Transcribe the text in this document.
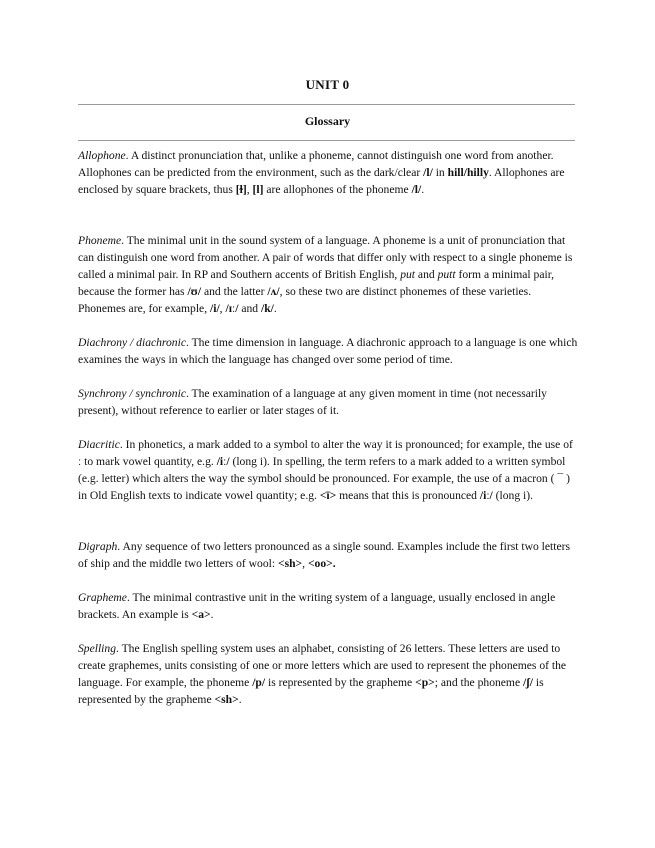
UNIT 0
Glossary

Allophone. A distinct pronunciation that, unlike a phoneme, cannot distinguish one word from another. Allophones can be predicted from the environment, such as the dark/clear /l/ in hill/hilly. Allophones are enclosed by square brackets, thus [ɫ], [l] are allophones of the phoneme /l/.

Phoneme. The minimal unit in the sound system of a language. A phoneme is a unit of pronunciation that can distinguish one word from another. A pair of words that differ only with respect to a single phoneme is called a minimal pair. In RP and Southern accents of British English, put and putt form a minimal pair, because the former has /ʊ/ and the latter /ʌ/, so these two are distinct phonemes of these varieties. Phonemes are, for example, /i/, /ɪː/ and /k/.

Diachrony / diachronic. The time dimension in language. A diachronic approach to a language is one which examines the ways in which the language has changed over some period of time.

Synchrony / synchronic. The examination of a language at any given moment in time (not necessarily present), without reference to earlier or later stages of it.

Diacritic. In phonetics, a mark added to a symbol to alter the way it is pronounced; for example, the use of ː to mark vowel quantity, e.g. /iː/ (long i). In spelling, the term refers to a mark added to a written symbol (e.g. letter) which alters the way the symbol should be pronounced. For example, the use of a macron ( ¯ ) in Old English texts to indicate vowel quantity; e.g. <ī> means that this is pronounced /iː/ (long i).

Digraph. Any sequence of two letters pronounced as a single sound. Examples include the first two letters of ship and the middle two letters of wool: <sh>, <oo>.

Grapheme. The minimal contrastive unit in the writing system of a language, usually enclosed in angle brackets. An example is <a>.

Spelling. The English spelling system uses an alphabet, consisting of 26 letters. These letters are used to create graphemes, units consisting of one or more letters which are used to represent the phonemes of the language. For example, the phoneme /p/ is represented by the grapheme <p>; and the phoneme /ʃ/ is represented by the grapheme <sh>.
